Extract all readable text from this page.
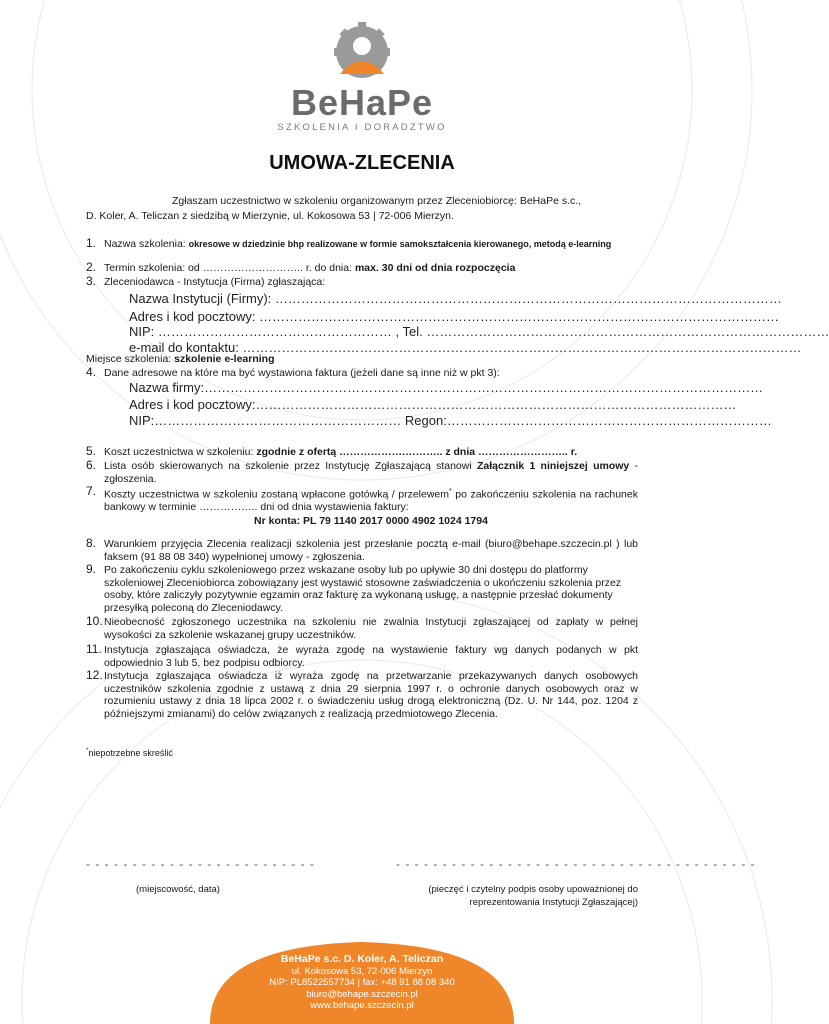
BeHaPe
SZKOLENIA I DORADZTWO
UMOWA-ZLECENIA

Zgłaszam uczestnictwo w szkoleniu organizowanym przez Zleceniobiorcę: BeHaPe s.c.,

D. Koler, A. Teliczan z siedzibą w Mierzynie, ul. Kokosowa 53 | 72-006 Mierzyn.

1. Nazwa szkolenia: okresowe w dziedzinie bhp realizowane w formie samokształcenia kierowanego, metodą e-learning
2. Termin szkolenia: od ……………………….. r. do dnia: max. 30 dni od dnia rozpoczęcia
3. Zleceniodawca - Instytucja (Firma) zgłaszająca:
Nazwa Instytucji (Firmy): ………………………………………………………………………………………………………
Adres i kod pocztowy: …………………………………………………………………………………………………………
NIP: ……………………………………………… , Tel. …………………………………………………………………………………
e-mail do kontaktu: …………………………………………………………………………………………………………………
Miejsce szkolenia: szkolenie e-learning
4. Dane adresowe na które ma być wystawiona faktura (jeżeli dane są inne niż w pkt 3):
Nazwa firmy:…………………………………………………………………………………………………………………
Adres i kod pocztowy:…………………………………………………………………………………………………
NIP:………………………………………………… Regon:…………………………………………………………………
5. Koszt uczestnictwa w szkoleniu: zgodnie z ofertą ……………….……….. z dnia …………………….. r.
6. Lista osób skierowanych na szkolenie przez Instytucję Zgłaszającą stanowi Załącznik 1 niniejszej umowy - zgłoszenia.
7. Koszty uczestnictwa w szkoleniu zostaną wpłacone gotówką / przelewem* po zakończeniu szkolenia na rachunek bankowy w terminie …………….. dni od dnia wystawienia faktury:
Nr konta: PL 79 1140 2017 0000 4902 1024 1794
8. Warunkiem przyjęcia Zlecenia realizacji szkolenia jest przesłanie pocztą e-mail (biuro@behape.szczecin.pl ) lub faksem (91 88 08 340) wypełnionej umowy - zgłoszenia.
9. Po zakończeniu cyklu szkoleniowego przez wskazane osoby lub po upływie 30 dni dostępu do platformy szkoleniowej Zleceniobiorca zobowiązany jest wystawić stosowne zaświadczenia o ukończeniu szkolenia przez osoby, które zaliczyły pozytywnie egzamin oraz fakturę za wykonaną usługę, a następnie przesłać dokumenty przesyłką poleconą do Zleceniodawcy.
10. Nieobecność zgłoszonego uczestnika na szkoleniu nie zwalnia Instytucji zgłaszającej od zapłaty w pełnej wysokości za szkolenie wskazanej grupy uczestników.
11. Instytucja zgłaszająca oświadcza, że wyraża zgodę na wystawienie faktury wg danych podanych w pkt odpowiednio 3 lub 5, bez podpisu odbiorcy.
12. Instytucja zgłaszająca oświadcza iż wyraża zgodę na przetwarzanie przekazywanych danych osobowych uczestników szkolenia zgodnie z ustawą z dnia 29 sierpnia 1997 r. o ochronie danych osobowych oraz w rozumieniu ustawy z dnia 18 lipca 2002 r. o świadczeniu usług drogą elektroniczną (Dz. U. Nr 144, poz. 1204 z późniejszymi zmianami) do celów związanych z realizacją przedmiotowego Zlecenia.
*niepotrzebne skreślić
- - - - - - - - - - - - - - - - - - - - - - - - -
(miejscowość, data)
- - - - - - - - - - - - - - - - - - - - - - - - - - - - - - - - - - - - - - -
(pieczęć i czytelny podpis osoby upoważnionej do
reprezentowania Instytucji Zgłaszającej)
BeHaPe s.c. D. Koler, A. Teliczan
ul. Kokosowa 53, 72-006 Mierzyn
NIP: PL8522557734 | fax: +48 91 88 08 340
biuro@behape.szczecin.pl
www.behape.szczecin.pl
